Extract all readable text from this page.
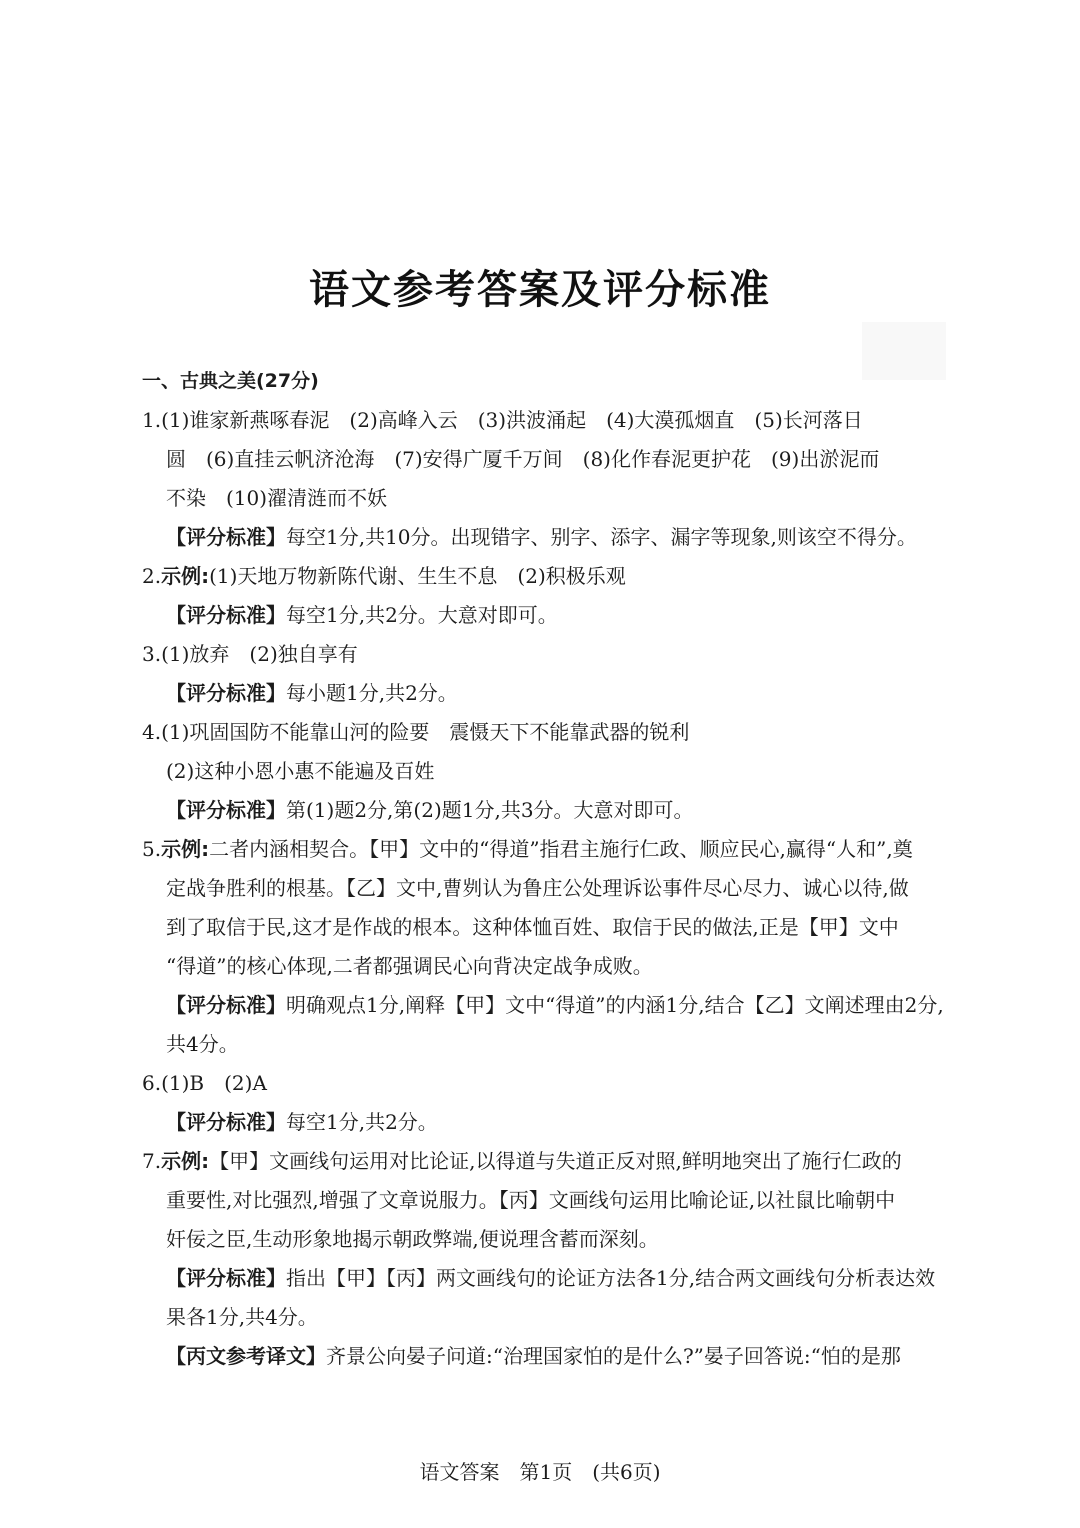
语文参考答案及评分标准
一、古典之美(27分)
1.(1)谁家新燕啄春泥　(2)高峰入云　(3)洪波涌起　(4)大漠孤烟直　(5)长河落日
圆　(6)直挂云帆济沧海　(7)安得广厦千万间　(8)化作春泥更护花　(9)出淤泥而
不染　(10)濯清涟而不妖
【评分标准】每空1分,共10分。出现错字、别字、添字、漏字等现象,则该空不得分。
2.示例:(1)天地万物新陈代谢、生生不息　(2)积极乐观
【评分标准】每空1分,共2分。大意对即可。
3.(1)放弃　(2)独自享有
【评分标准】每小题1分,共2分。
4.(1)巩固国防不能靠山河的险要　震慑天下不能靠武器的锐利
(2)这种小恩小惠不能遍及百姓
【评分标准】第(1)题2分,第(2)题1分,共3分。大意对即可。
5.示例:二者内涵相契合。【甲】文中的“得道”指君主施行仁政、顺应民心,赢得“人和”,奠
定战争胜利的根基。【乙】文中,曹刿认为鲁庄公处理诉讼事件尽心尽力、诚心以待,做
到了取信于民,这才是作战的根本。这种体恤百姓、取信于民的做法,正是【甲】文中
“得道”的核心体现,二者都强调民心向背决定战争成败。
【评分标准】明确观点1分,阐释【甲】文中“得道”的内涵1分,结合【乙】文阐述理由2分,
共4分。
6.(1)B　(2)A
【评分标准】每空1分,共2分。
7.示例:【甲】文画线句运用对比论证,以得道与失道正反对照,鲜明地突出了施行仁政的
重要性,对比强烈,增强了文章说服力。【丙】文画线句运用比喻论证,以社鼠比喻朝中
奸佞之臣,生动形象地揭示朝政弊端,便说理含蓄而深刻。
【评分标准】指出【甲】【丙】两文画线句的论证方法各1分,结合两文画线句分析表达效
果各1分,共4分。
【丙文参考译文】齐景公向晏子问道:“治理国家怕的是什么?”晏子回答说:“怕的是那
语文答案　第1页　(共6页)
